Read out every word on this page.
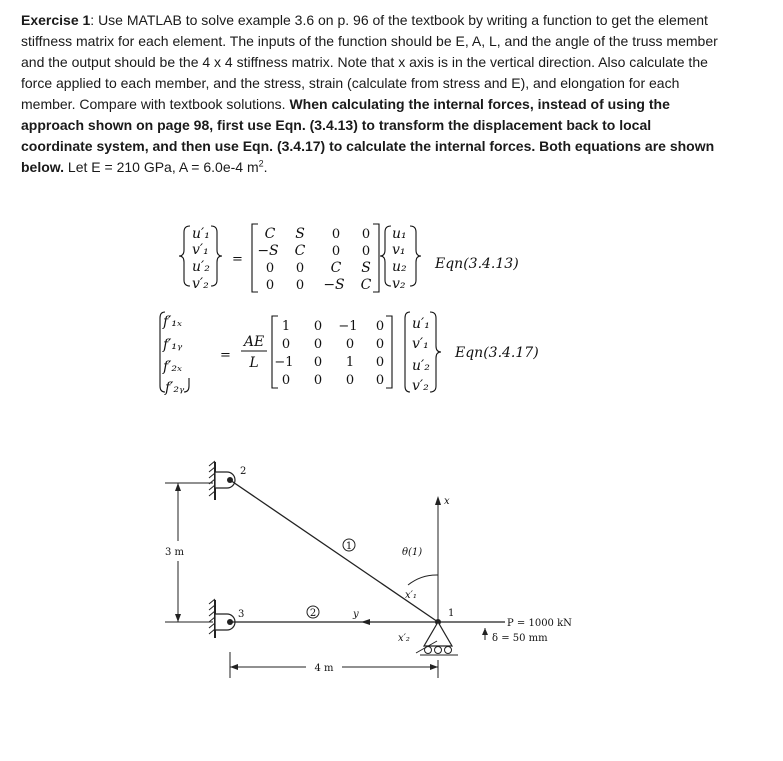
Exercise 1: Use MATLAB to solve example 3.6 on p. 96 of the textbook by writing a function to get the element stiffness matrix for each element. The inputs of the function should be E, A, L, and the angle of the truss member and the output should be the 4 x 4 stiffness matrix. Note that x axis is in the vertical direction. Also calculate the force applied to each member, and the stress, strain (calculate from stress and E), and elongation for each member. Compare with textbook solutions. When calculating the internal forces, instead of using the approach shown on page 98, first use Eqn. (3.4.13) to transform the displacement back to local coordinate system, and then use Eqn. (3.4.17) to calculate the internal forces. Both equations are shown below. Let E = 210 GPa, A = 6.0e-4 $m^2$.
u′₁
v′₁
u′₂
v′₂
=
C S 0 0
−S C 0 0
0 0 C S
0 0 −S C
u₁
v₁
u₂
v₂
Eqn(3.4.13)
f′₁ₓ
f′₁ᵧ
f′₂ₓ
f′₂ᵧ
=
AE
L
1 0 −1 0
0 0 0 0
−1 0 1 0
0 0 0 0
u′₁
v′₁
u′₂
v′₂
Eqn(3.4.17)
3 m
2
3
1
2
x
y
θ(1)
x′₁
x′₂
1
P = 1000 kN
δ = 50 mm
4 m
